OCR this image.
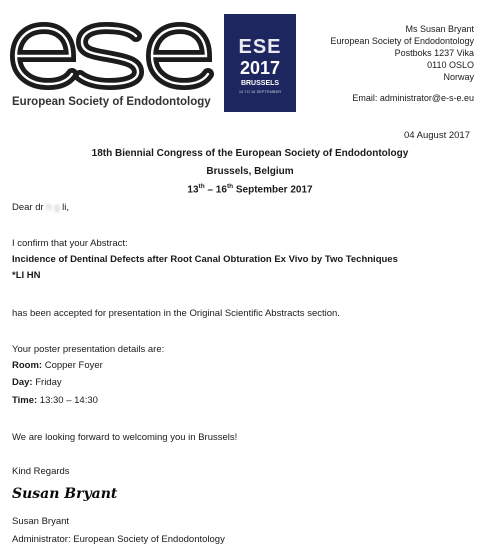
European Society of Endodontology
ESE
2017
BRUSSELS
14 TO 16 SEPTEMBER
Ms Susan Bryant
European Society of Endodontology
Postboks 1237 Vika
0110 OSLO
Norway
Email: administrator@e-s-e.eu
04 August 2017
18th Biennial Congress of the European Society of Endodontology
Brussels, Belgium
13th – 16th September 2017
Dear dr h g li,
I confirm that your Abstract:
Incidence of Dentinal Defects after Root Canal Obturation Ex Vivo by Two Techniques
*LI HN
has been accepted for presentation in the Original Scientific Abstracts section.
Your poster presentation details are:
Room: Copper Foyer
Day: Friday
Time: 13:30 – 14:30
We are looking forward to welcoming you in Brussels!
Kind Regards
Susan Bryant
Susan Bryant
Administrator: European Society of Endodontology
